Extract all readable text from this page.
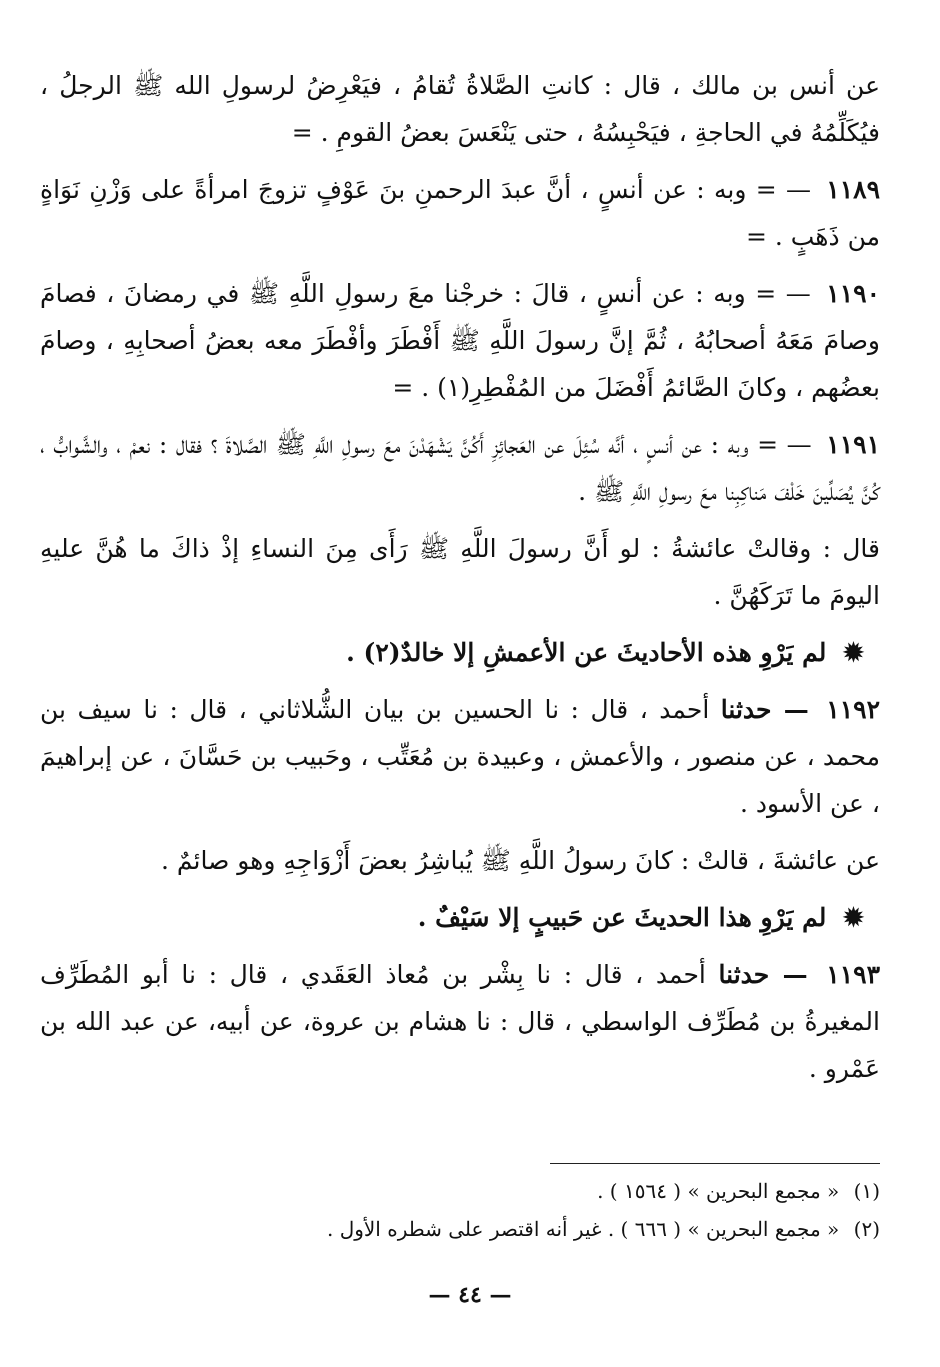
عن أنس بن مالك ، قال : كانتِ الصَّلاةُ تُقامُ ، فيَعْرِضُ لرسولِ الله ﷺ الرجلُ ، فيُكَلِّمُهُ في الحاجةِ ، فيَحْبِسُهُ ، حتى يَنْعَسَ بعضُ القومِ . =

١١٨٩ — = وبه : عن أنسٍ ، أنَّ عبدَ الرحمنِ بنَ عَوْفٍ تزوجَ امرأةً على وَزْنِ نَوَاةٍ من ذَهَبٍ . =

١١٩٠ — = وبه : عن أنسٍ ، قالَ : خرجْنا معَ رسولِ اللَّهِ ﷺ في رمضانَ ، فصامَ وصامَ مَعَهُ أصحابُهُ ، ثُمَّ إنَّ رسولَ اللَّهِ ﷺ أَفْطَرَ وأفْطَرَ معه بعضُ أصحابِهِ ، وصامَ بعضُهم ، وكانَ الصَّائمُ أَفْضَلَ من المُفْطِرِ(١) . =

١١٩١ — = وبه : عن أنسٍ ، أنَّه سُئِلَ عن العَجائِزِ أَكُنَّ يَشْهَدْنَ معَ رسولِ اللَّهِ ﷺ الصَّلاةَ ؟ فقال : نعمْ ، والشَّوابُّ ، كُنَّ يُصَلِّينَ خَلْفَ مَناكِبِنا معَ رسولِ اللَّهِ ﷺ .

قال : وقالتْ عائشةُ : لو أَنَّ رسولَ اللَّهِ ﷺ رَأَى مِنَ النساءِ إذْ ذاكَ ما هُنَّ عليهِ اليومَ ما تَرَكَهُنَّ .

✹ لم يَرْوِ هذه الأحاديثَ عن الأعمشِ إلا خالدٌ(٢) .

١١٩٢ — حدثنا أحمد ، قال : نا الحسين بن بيان الشُّلاثاني ، قال : نا سيف بن محمد ، عن منصور ، والأعمش ، وعبيدة بن مُعَتِّب ، وحَبيب بن حَسَّانَ ، عن إبراهيمَ ، عن الأسود .

عن عائشةَ ، قالتْ : كانَ رسولُ اللَّهِ ﷺ يُباشِرُ بعضَ أَزْوَاجِهِ وهو صائمٌ .

✹ لم يَرْوِ هذا الحديثَ عن حَبيبٍ إلا سَيْفٌ .

١١٩٣ — حدثنا أحمد ، قال : نا بِشْر بن مُعاذ العَقَدي ، قال : نا أبو المُطَرِّف المغيرةُ بن مُطَرِّف الواسطي ، قال : نا هشام بن عروة، عن أبيه، عن عبد الله بن عَمْرو .

(١) « مجمع البحرين » ( ١٥٦٤ ) .

(٢) « مجمع البحرين » ( ٦٦٦ ) . غير أنه اقتصر على شطره الأول .

— ٤٤ —
